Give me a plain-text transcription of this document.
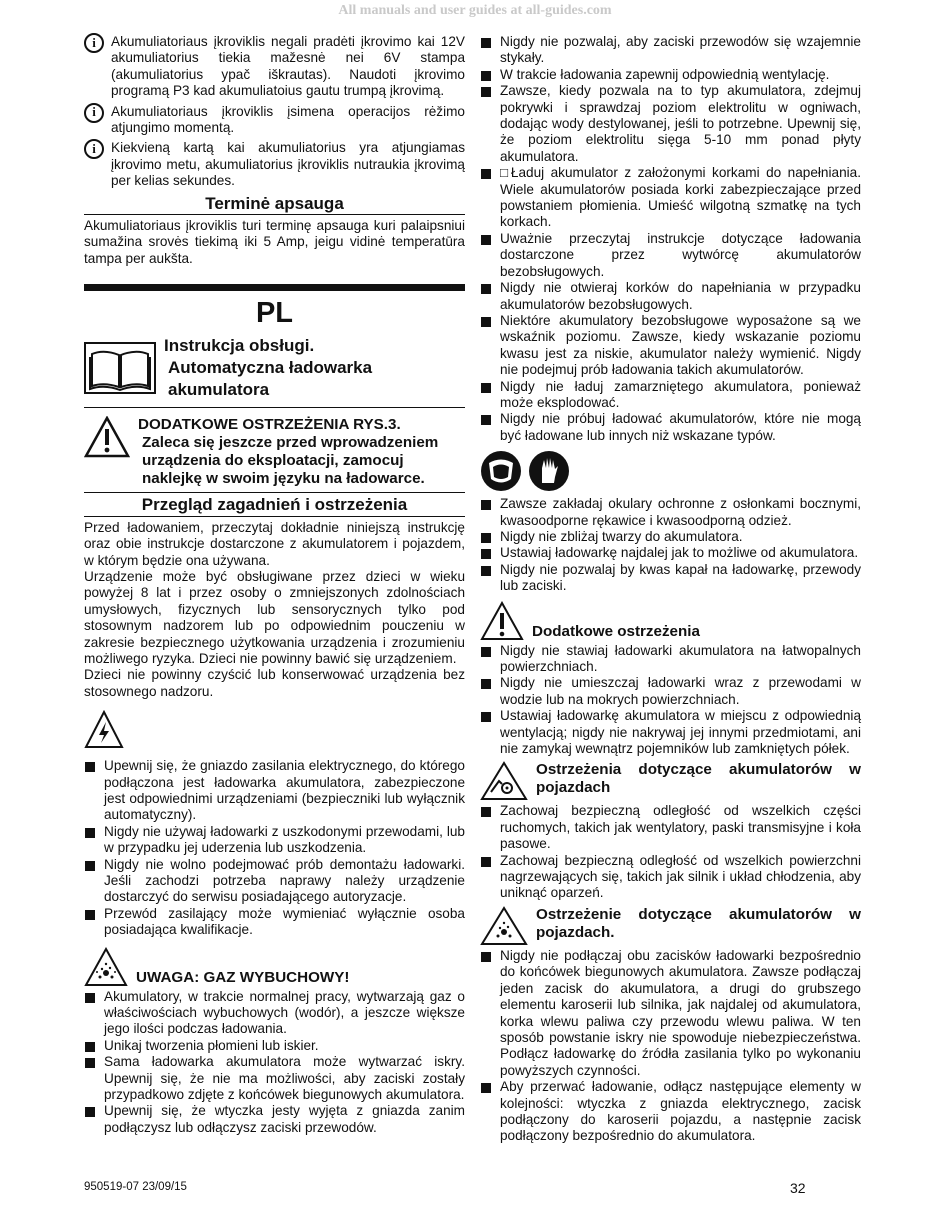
All manuals and user guides at all-guides.com
i	Akumuliatoriaus įkroviklis negali pradėti įkrovimo kai 12V akumuliatorius tiekia mažesnė nei 6V stampa (akumuliatorius ypač iškrautas). Naudoti įkrovimo programą P3 kad akumuliatoius gautu trumpą įkrovimą.

i	Akumuliatoriaus įkroviklis įsimena operacijos rėžimo atjungimo momentą.

i	Kiekvieną kartą kai akumuliatorius yra atjungiamas įkrovimo metu, akumuliatorius įkroviklis nutraukia įkrovimą per kelias sekundes.

Terminė apsauga

Akumuliatoriaus įkroviklis turi terminę apsauga kuri palaipsniui sumažina srovės tiekimą iki 5 Amp, jeigu vidinė temperatūra tampa per aukšta.

PL
Instrukcja obsługi.
Automatyczna ładowarka
akumulatora
DODATKOWE OSTRZEŻENIA RYS.3.
Zaleca się jeszcze przed wprowadzeniem urządzenia do eksploatacji, zamocuj naklejkę w swoim języku na ładowarce.
Przegląd zagadnień i ostrzeżenia

Przed ładowaniem, przeczytaj dokładnie niniejszą instrukcję oraz obie instrukcje dostarczone z akumulatorem i pojazdem, w którym będzie ona używana.

Urządzenie może być obsługiwane przez dzieci w wieku powyżej 8 lat i przez osoby o zmniejszonych zdolnościach umysłowych, fizycznych lub sensorycznych tylko pod stosownym nadzorem lub po odpowiednim pouczeniu w zakresie bezpiecznego użytkowania urządzenia i zrozumieniu możliwego ryzyka. Dzieci nie powinny bawić się urządzeniem.

Dzieci nie powinny czyścić lub konserwować urządzenia bez stosownego nadzoru.

Upewnij się, że gniazdo zasilania elektrycznego, do którego podłączona jest ładowarka akumulatora, zabezpieczone jest odpowiednimi urządzeniami (bezpieczniki lub wyłącznik automatyczny).
Nigdy nie używaj ładowarki z uszkodonymi przewodami, lub w przypadku jej uderzenia lub uszkodzenia.
Nigdy nie wolno podejmować prób demontażu ładowarki. Jeśli zachodzi potrzeba naprawy należy urządzenie dostarczyć do serwisu posiadającego autoryzacje.
Przewód zasilający może wymieniać wyłącznie osoba posiadająca kwalifikacje.
UWAGA: GAZ WYBUCHOWY!
Akumulatory, w trakcie normalnej pracy, wytwarzają gaz o właściwościach wybuchowych (wodór), a jeszcze większe jego ilości podczas ładowania.
Unikaj tworzenia płomieni lub iskier.
Sama ładowarka akumulatora może wytwarzać iskry. Upewnij się, że nie ma możliwości, aby zaciski zostały przypadkowo zdjęte z końcówek biegunowych akumulatora.
Upewnij się, że wtyczka jesty wyjęta z gniazda zanim podłączysz lub odłączysz zaciski przewodów.
Nigdy nie pozwalaj, aby zaciski przewodów się wzajemnie stykały.
W trakcie ładowania zapewnij odpowiednią wentylację.
Zawsze, kiedy pozwala na to typ akumulatora, zdejmuj pokrywki i sprawdzaj poziom elektrolitu w ogniwach, dodając wody destylowanej, jeśli to potrzebne. Upewnij się, że poziom elektrolitu sięga 5-10 mm ponad płyty akumulatora.
□Ładuj akumulator z założonymi korkami do napełniania. Wiele akumulatorów posiada korki zabezpieczające przed powstaniem płomienia. Umieść wilgotną szmatkę na tych korkach.
Uważnie przeczytaj instrukcje dotyczące ładowania dostarczone przez wytwórcę akumulatorów bezobsługowych.
Nigdy nie otwieraj korków do napełniania w przypadku akumulatorów bezobsługowych.
Niektóre akumulatory bezobsługowe wyposażone są we wskaźnik poziomu. Zawsze, kiedy wskazanie poziomu kwasu jest za niskie, akumulator należy wymienić. Nigdy nie podejmuj prób ładowania takich akumulatorów.
Nigdy nie ładuj zamarzniętego akumulatora, ponieważ może eksplodować.
Nigdy nie próbuj ładować akumulatorów, które nie mogą być ładowane lub innych niż wskazane typów.
Zawsze zakładaj okulary ochronne z osłonkami bocznymi, kwasoodporne rękawice i kwasoodporną odzież.
Nigdy nie zbliżaj twarzy do akumulatora.
Ustawiaj ładowarkę najdalej jak to możliwe od akumulatora.
Nigdy nie pozwalaj by kwas kapał na ładowarkę, przewody lub zaciski.
Dodatkowe ostrzeżenia
Nigdy nie stawiaj ładowarki akumulatora na łatwopalnych powierzchniach.
Nigdy nie umieszczaj ładowarki wraz z przewodami w wodzie lub na mokrych powierzchniach.
Ustawiaj ładowarkę akumulatora w miejscu z odpowiednią wentylacją; nigdy nie nakrywaj jej innymi przedmiotami, ani nie zamykaj wewnątrz pojemników lub zamkniętych półek.
Ostrzeżenia dotyczące akumulatorów w pojazdach
Zachowaj bezpieczną odległość od wszelkich części ruchomych, takich jak wentylatory, paski transmisyjne i koła pasowe.
Zachowaj bezpieczną odległość od wszelkich powierzchni nagrzewających się, takich jak silnik i układ chłodzenia, aby uniknąć oparzeń.
Ostrzeżenie dotyczące akumulatorów w pojazdach.
Nigdy nie podłączaj obu zacisków ładowarki bezpośrednio do końcówek biegunowych akumulatora. Zawsze podłączaj jeden zacisk do akumulatora, a drugi do grubszego elementu karoserii lub silnika, jak najdalej od akumulatora, korka wlewu paliwa czy przewodu wlewu paliwa. W ten sposób powstanie iskry nie spowoduje niebezpieczeństwa. Podłącz ładowarkę do źródła zasilania tylko po wykonaniu powyższych czynności.
Aby przerwać ładowanie, odłącz następujące elementy w kolejności: wtyczka z gniazda elektrycznego, zacisk podłączony do karoserii pojazdu, a następnie zacisk podłączony bezpośrednio do akumulatora.
950519-07 23/09/15	32
